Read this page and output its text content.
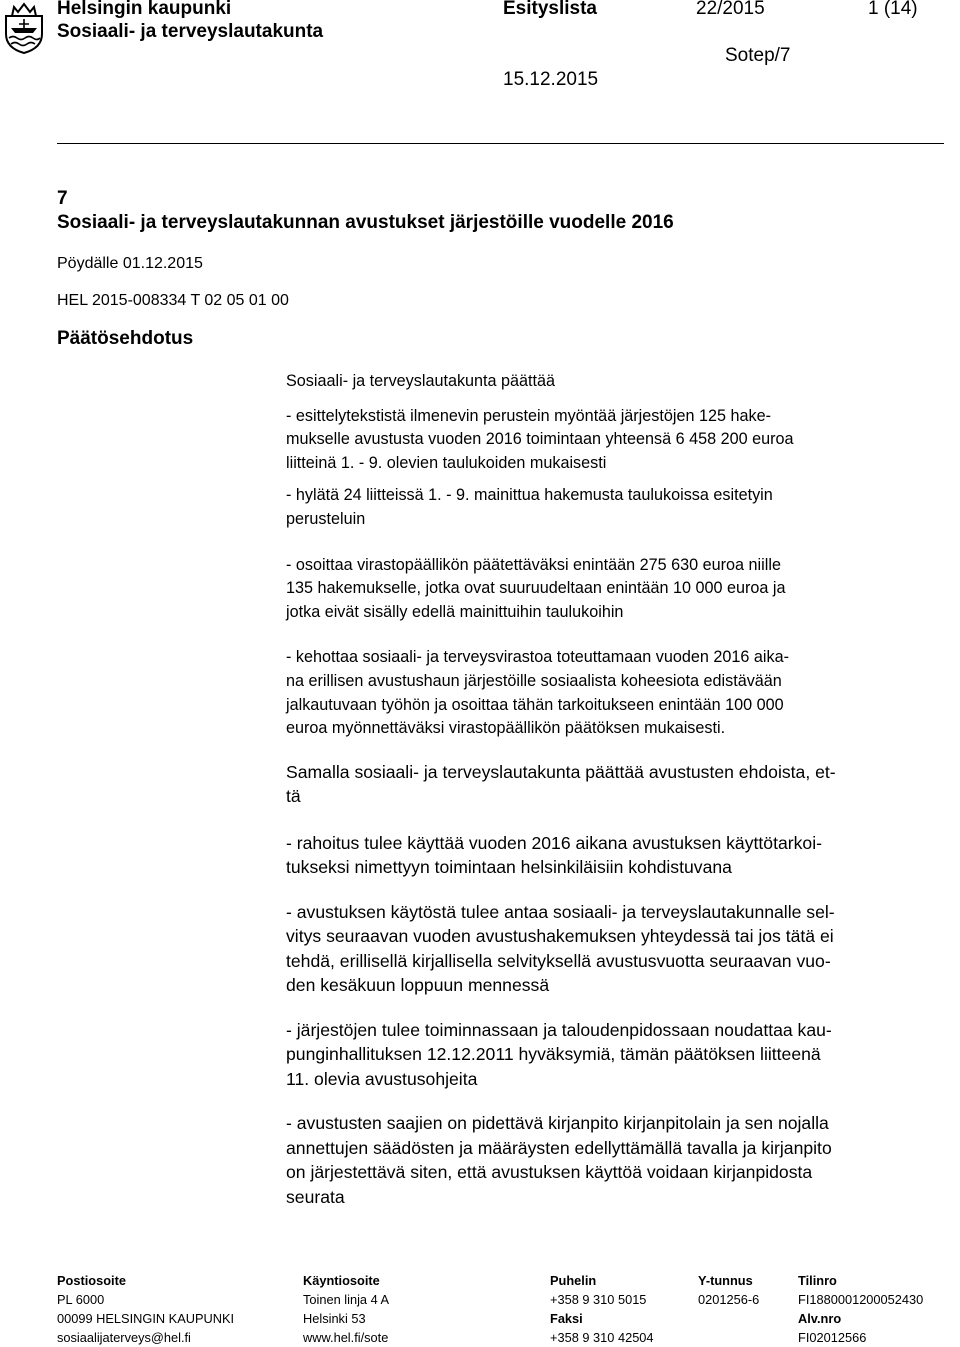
Helsingin kaupunki
Sosiaali- ja terveyslautakunta
Esityslista	22/2015	1 (14)
Sotep/7
15.12.2015
7
Sosiaali- ja terveyslautakunnan avustukset järjestöille vuodelle 2016
Pöydälle 01.12.2015
HEL 2015-008334 T 02 05 01 00
Päätösehdotus

Sosiaali- ja terveyslautakunta päättää

- esittelytekstistä ilmenevin perustein myöntää järjestöjen 125 hake-
mukselle avustusta vuoden 2016 toimintaan yhteensä 6 458 200 euroa
liitteinä 1. - 9. olevien taulukoiden mukaisesti

- hylätä 24 liitteissä 1. - 9. mainittua hakemusta taulukoissa esitetyin
perusteluin

- osoittaa virastopäällikön päätettäväksi enintään 275 630 euroa niille
135 hakemukselle, jotka ovat suuruudeltaan enintään 10 000 euroa ja
jotka eivät sisälly edellä mainittuihin taulukoihin

- kehottaa sosiaali- ja terveysvirastoa toteuttamaan vuoden 2016 aika-
na erillisen avustushaun järjestöille sosiaalista koheesiota edistävään
jalkautuvaan työhön ja osoittaa tähän tarkoitukseen enintään 100 000
euroa myönnettäväksi virastopäällikön päätöksen mukaisesti.

Samalla sosiaali- ja terveyslautakunta päättää avustusten ehdoista, et-
tä

- rahoitus tulee käyttää vuoden 2016 aikana avustuksen käyttötarkoi-
tukseksi nimettyyn toimintaan helsinkiläisiin kohdistuvana

- avustuksen käytöstä tulee antaa sosiaali- ja terveyslautakunnalle sel-
vitys seuraavan vuoden avustushakemuksen yhteydessä tai jos tätä ei
tehdä, erillisellä kirjallisella selvityksellä avustusvuotta seuraavan vuo-
den kesäkuun loppuun mennessä

- järjestöjen tulee toiminnassaan ja taloudenpidossaan noudattaa kau-
punginhallituksen 12.12.2011 hyväksymiä, tämän päätöksen liitteenä
11. olevia avustusohjeita

- avustusten saajien on pidettävä kirjanpito kirjanpitolain ja sen nojalla
annettujen säädösten ja määräysten edellyttämällä tavalla ja kirjanpito
on järjestettävä siten, että avustuksen käyttöä voidaan kirjanpidosta
seurata

Postiosoite
PL 6000
00099 HELSINGIN KAUPUNKI
sosiaalijaterveys@hel.fi
Käyntiosoite
Toinen linja 4 A
Helsinki 53
www.hel.fi/sote
Puhelin
+358 9 310 5015
Faksi
+358 9 310 42504
Y-tunnus
0201256-6
Tilinro
FI1880001200052430
Alv.nro
FI02012566
